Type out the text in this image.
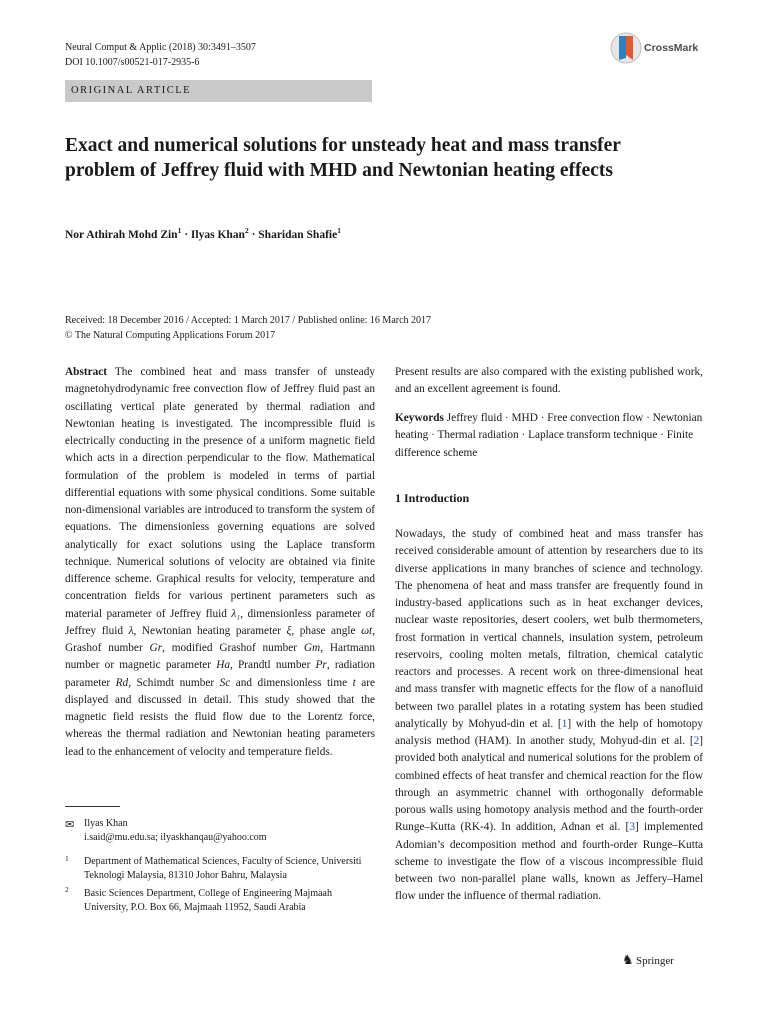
Neural Comput & Applic (2018) 30:3491–3507
DOI 10.1007/s00521-017-2935-6
CrossMark
ORIGINAL ARTICLE
Exact and numerical solutions for unsteady heat and mass transfer problem of Jeffrey fluid with MHD and Newtonian heating effects
Nor Athirah Mohd Zin$^1$ · Ilyas Khan$^2$ · Sharidan Shafie$^1$
Received: 18 December 2016 / Accepted: 1 March 2017 / Published online: 16 March 2017
© The Natural Computing Applications Forum 2017
Abstract The combined heat and mass transfer of unsteady magnetohydrodynamic free convection flow of Jeffrey fluid past an oscillating vertical plate generated by thermal radiation and Newtonian heating is investigated. The incompressible fluid is electrically conducting in the presence of a uniform magnetic field which acts in a direction perpendicular to the flow. Mathematical formulation of the problem is modeled in terms of partial differential equations with some physical conditions. Some suitable non-dimensional variables are introduced to transform the system of equations. The dimensionless governing equations are solved analytically for exact solutions using the Laplace transform technique. Numerical solutions of velocity are obtained via finite difference scheme. Graphical results for velocity, temperature and concentration fields for various pertinent parameters such as material parameter of Jeffrey fluid λ₁, dimensionless parameter of Jeffrey fluid λ, Newtonian heating parameter ξ, phase angle ωt, Grashof number Gr, modified Grashof number Gm, Hartmann number or magnetic parameter Ha, Prandtl number Pr, radiation parameter Rd, Schimdt number Sc and dimensionless time t are displayed and discussed in detail. This study showed that the magnetic field resists the fluid flow due to the Lorentz force, whereas the thermal radiation and Newtonian heating parameters lead to the enhancement of velocity and temperature fields.
Present results are also compared with the existing published work, and an excellent agreement is found.
Keywords Jeffrey fluid · MHD · Free convection flow · Newtonian heating · Thermal radiation · Laplace transform technique · Finite difference scheme
1 Introduction
Nowadays, the study of combined heat and mass transfer has received considerable amount of attention by researchers due to its diverse applications in many branches of science and technology. The phenomena of heat and mass transfer are frequently found in industry-based applications such as in heat exchanger devices, nuclear waste repositories, desert coolers, wet bulb thermometers, frost formation in vertical channels, insulation system, petroleum reservoirs, cooling molten metals, filtration, chemical catalytic reactors and processes. A recent work on three-dimensional heat and mass transfer with magnetic effects for the flow of a nanofluid between two parallel plates in a rotating system has been studied analytically by Mohyud-din et al. [1] with the help of homotopy analysis method (HAM). In another study, Mohyud-din et al. [2] provided both analytical and numerical solutions for the problem of combined effects of heat transfer and chemical reaction for the flow through an asymmetric channel with orthogonally deformable porous walls using homotopy analysis method and the fourth-order Runge–Kutta (RK-4). In addition, Adnan et al. [3] implemented Adomian’s decomposition method and fourth-order Runge–Kutta scheme to investigate the flow of a viscous incompressible fluid between two non-parallel plane walls, known as Jeffery–Hamel flow under the influence of thermal radiation.
✉ Ilyas Khan
i.said@mu.edu.sa; ilyaskhanqau@yahoo.com
1 Department of Mathematical Sciences, Faculty of Science, Universiti Teknologi Malaysia, 81310 Johor Bahru, Malaysia
2 Basic Sciences Department, College of Engineering Majmaah University, P.O. Box 66, Majmaah 11952, Saudi Arabia
♞ Springer
